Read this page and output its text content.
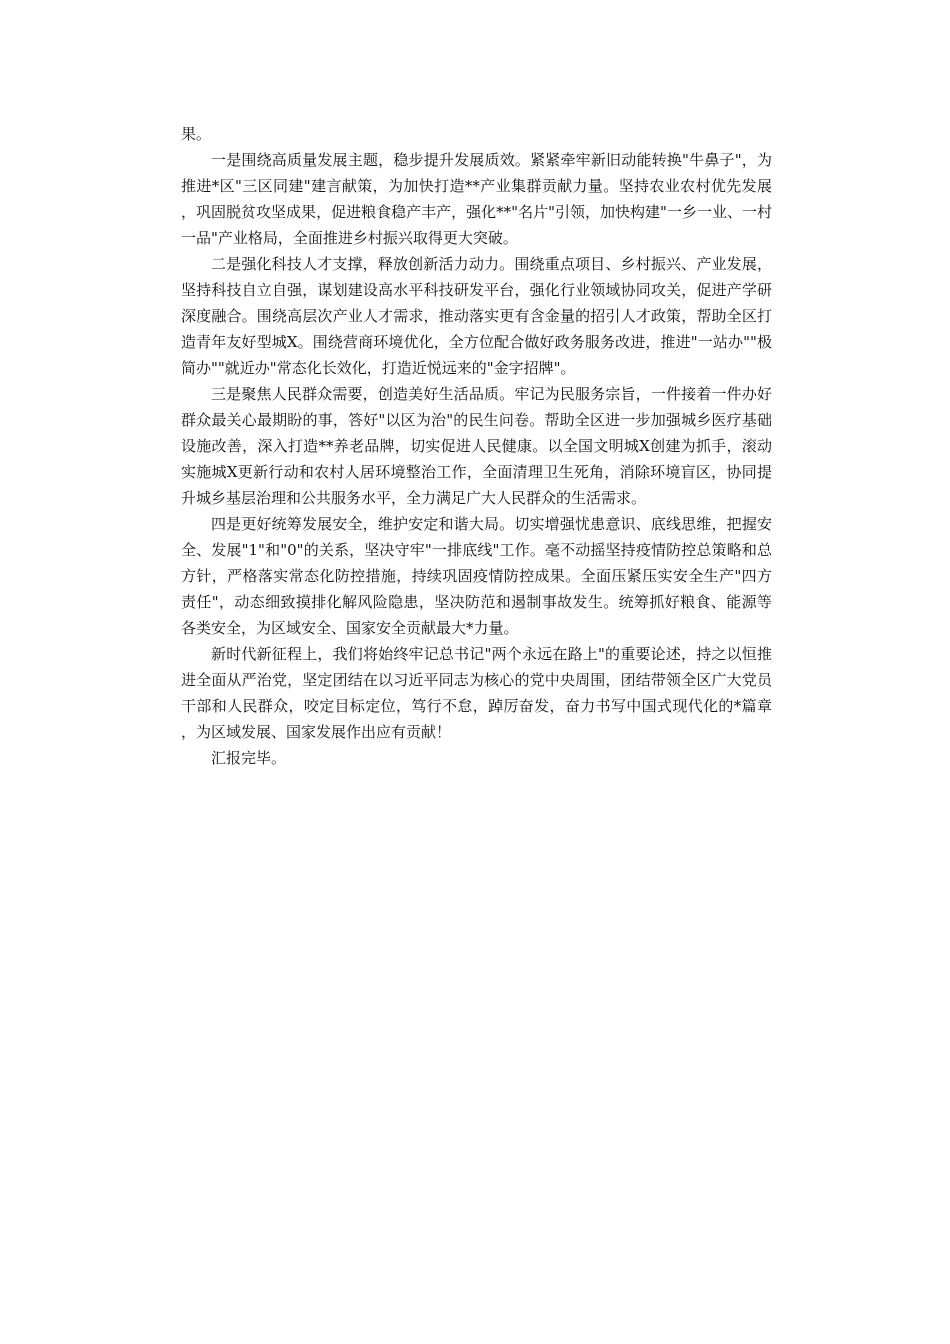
果。

一是围绕高质量发展主题，稳步提升发展质效。紧紧牵牢新旧动能转换"牛鼻子"，为推进*区"三区同建"建言献策，为加快打造**产业集群贡献力量。坚持农业农村优先发展，巩固脱贫攻坚成果，促进粮食稳产丰产，强化**"名片"引领，加快构建"一乡一业、一村一品"产业格局，全面推进乡村振兴取得更大突破。

二是强化科技人才支撑，释放创新活力动力。围绕重点项目、乡村振兴、产业发展，坚持科技自立自强，谋划建设高水平科技研发平台，强化行业领域协同攻关，促进产学研深度融合。围绕高层次产业人才需求，推动落实更有含金量的招引人才政策，帮助全区打造青年友好型城X。围绕营商环境优化，全方位配合做好政务服务改进，推进"一站办""极简办""就近办"常态化长效化，打造近悦远来的"金字招牌"。

三是聚焦人民群众需要，创造美好生活品质。牢记为民服务宗旨，一件接着一件办好群众最关心最期盼的事，答好"以区为治"的民生问卷。帮助全区进一步加强城乡医疗基础设施改善，深入打造**养老品牌，切实促进人民健康。以全国文明城X创建为抓手，滚动实施城X更新行动和农村人居环境整治工作，全面清理卫生死角，消除环境盲区，协同提升城乡基层治理和公共服务水平，全力满足广大人民群众的生活需求。

四是更好统筹发展安全，维护安定和谐大局。切实增强忧患意识、底线思维，把握安全、发展"1"和"0"的关系，坚决守牢"一排底线"工作。毫不动摇坚持疫情防控总策略和总方针，严格落实常态化防控措施，持续巩固疫情防控成果。全面压紧压实安全生产"四方责任"，动态细致摸排化解风险隐患，坚决防范和遏制事故发生。统筹抓好粮食、能源等各类安全，为区域安全、国家安全贡献最大*力量。

新时代新征程上，我们将始终牢记总书记"两个永远在路上"的重要论述，持之以恒推进全面从严治党，坚定团结在以习近平同志为核心的党中央周围，团结带领全区广大党员干部和人民群众，咬定目标定位，笃行不怠，踔厉奋发，奋力书写中国式现代化的*篇章，为区域发展、国家发展作出应有贡献！

汇报完毕。
